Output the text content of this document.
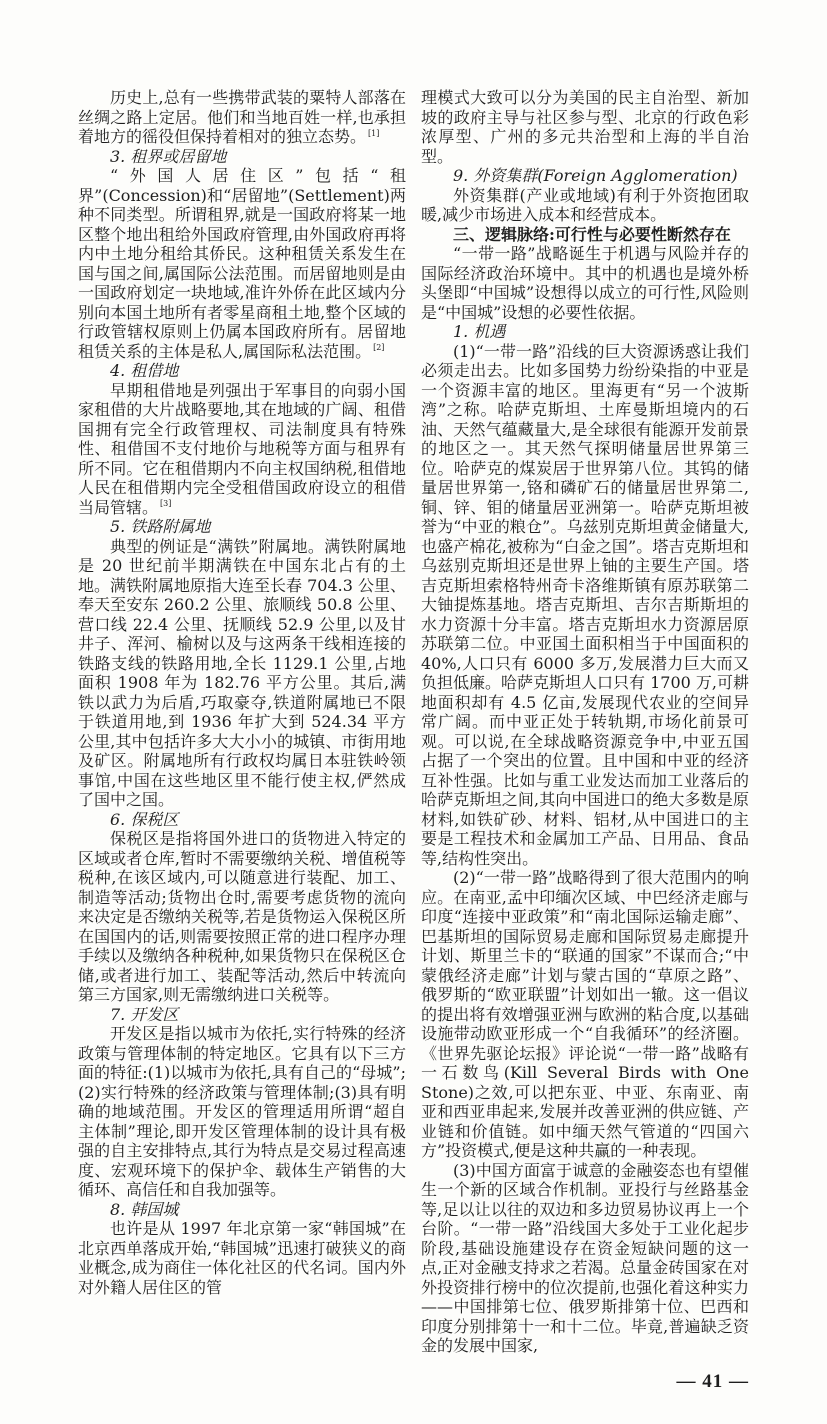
历史上,总有一些携带武装的粟特人部落在丝绸之路上定居。他们和当地百姓一样,也承担着地方的徭役但保持着相对的独立态势。 [1]

3. 租界或居留地

“外国人居住区”包括“租界”(Concession)和“居留地”(Settlement)两种不同类型。所谓租界,就是一国政府将某一地区整个地出租给外国政府管理,由外国政府再将内中土地分租给其侨民。这种租赁关系发生在国与国之间,属国际公法范围。而居留地则是由一国政府划定一块地域,准许外侨在此区域内分别向本国土地所有者零星商租土地,整个区域的行政管辖权原则上仍属本国政府所有。居留地租赁关系的主体是私人,属国际私法范围。 [2]

4. 租借地

早期租借地是列强出于军事目的向弱小国家租借的大片战略要地,其在地域的广阔、租借国拥有完全行政管理权、司法制度具有特殊性、租借国不支付地价与地税等方面与租界有所不同。它在租借期内不向主权国纳税,租借地人民在租借期内完全受租借国政府设立的租借当局管辖。 [3]

5. 铁路附属地

典型的例证是“满铁”附属地。满铁附属地是 20 世纪前半期满铁在中国东北占有的土地。满铁附属地原指大连至长春 704.3 公里、奉天至安东 260.2 公里、旅顺线 50.8 公里、营口线 22.4 公里、抚顺线 52.9 公里,以及甘井子、浑河、榆树以及与这两条干线相连接的铁路支线的铁路用地,全长 1129.1 公里,占地面积 1908 年为 182.76 平方公里。其后,满铁以武力为后盾,巧取豪夺,铁道附属地已不限于铁道用地,到 1936 年扩大到 524.34 平方公里,其中包括许多大大小小的城镇、市街用地及矿区。附属地所有行政权均属日本驻铁岭领事馆,中国在这些地区里不能行使主权,俨然成了国中之国。

6. 保税区

保税区是指将国外进口的货物进入特定的区域或者仓库,暂时不需要缴纳关税、增值税等税种,在该区域内,可以随意进行装配、加工、制造等活动;货物出仓时,需要考虑货物的流向来决定是否缴纳关税等,若是货物运入保税区所在国国内的话,则需要按照正常的进口程序办理手续以及缴纳各种税种,如果货物只在保税区仓储,或者进行加工、装配等活动,然后中转流向第三方国家,则无需缴纳进口关税等。

7. 开发区

开发区是指以城市为依托,实行特殊的经济政策与管理体制的特定地区。它具有以下三方面的特征:(1)以城市为依托,具有自己的“母城”;(2)实行特殊的经济政策与管理体制;(3)具有明确的地域范围。开发区的管理适用所谓“超自主体制”理论,即开发区管理体制的设计具有极强的自主安排特点,其行为特点是交易过程高速度、宏观环境下的保护伞、载体生产销售的大循环、高信任和自我加强等。

8. 韩国城

也许是从 1997 年北京第一家“韩国城”在北京西单落成开始,“韩国城”迅速打破狭义的商业概念,成为商住一体化社区的代名词。国内外对外籍人居住区的管

理模式大致可以分为美国的民主自治型、新加坡的政府主导与社区参与型、北京的行政色彩浓厚型、广州的多元共治型和上海的半自治型。

9. 外资集群(Foreign Agglomeration)

外资集群(产业或地域)有利于外资抱团取暖,减少市场进入成本和经营成本。

三、逻辑脉络:可行性与必要性断然存在

“一带一路”战略诞生于机遇与风险并存的国际经济政治环境中。其中的机遇也是境外桥头堡即“中国城”设想得以成立的可行性,风险则是“中国城”设想的必要性依据。

1. 机遇

(1)“一带一路”沿线的巨大资源诱惑让我们必须走出去。比如多国势力纷纷染指的中亚是一个资源丰富的地区。里海更有“另一个波斯湾”之称。哈萨克斯坦、土库曼斯坦境内的石油、天然气蕴藏量大,是全球很有能源开发前景的地区之一。其天然气探明储量居世界第三位。哈萨克的煤炭居于世界第八位。其钨的储量居世界第一,铬和磷矿石的储量居世界第二,铜、锌、钼的储量居亚洲第一。哈萨克斯坦被誉为“中亚的粮仓”。乌兹别克斯坦黄金储量大,也盛产棉花,被称为“白金之国”。塔吉克斯坦和乌兹别克斯坦还是世界上铀的主要生产国。塔吉克斯坦索格特州奇卡洛维斯镇有原苏联第二大铀提炼基地。塔吉克斯坦、吉尔吉斯斯坦的水力资源十分丰富。塔吉克斯坦水力资源居原苏联第二位。中亚国土面积相当于中国面积的 40%,人口只有 6000 多万,发展潜力巨大而又负担低廉。哈萨克斯坦人口只有 1700 万,可耕地面积却有 4.5 亿亩,发展现代农业的空间异常广阔。而中亚正处于转轨期,市场化前景可观。可以说,在全球战略资源竞争中,中亚五国占据了一个突出的位置。且中国和中亚的经济互补性强。比如与重工业发达而加工业落后的哈萨克斯坦之间,其向中国进口的绝大多数是原材料,如铁矿砂、材料、铝材,从中国进口的主要是工程技术和金属加工产品、日用品、食品等,结构性突出。

(2)“一带一路”战略得到了很大范围内的响应。在南亚,孟中印缅次区域、中巴经济走廊与印度“连接中亚政策”和“南北国际运输走廊”、巴基斯坦的国际贸易走廊和国际贸易走廊提升计划、斯里兰卡的“联通的国家”不谋而合;“中蒙俄经济走廊”计划与蒙古国的“草原之路”、俄罗斯的“欧亚联盟”计划如出一辙。这一倡议的提出将有效增强亚洲与欧洲的粘合度,以基础设施带动欧亚形成一个“自我循环”的经济圈。《世界先驱论坛报》评论说“一带一路”战略有一石数鸟(Kill Several Birds with One Stone)之效,可以把东亚、中亚、东南亚、南亚和西亚串起来,发展并改善亚洲的供应链、产业链和价值链。如中缅天然气管道的“四国六方”投资模式,便是这种共赢的一种表现。

(3)中国方面富于诚意的金融姿态也有望催生一个新的区域合作机制。亚投行与丝路基金等,足以让以往的双边和多边贸易协议再上一个台阶。“一带一路”沿线国大多处于工业化起步阶段,基础设施建设存在资金短缺问题的这一点,正对金融支持求之若渴。总量金砖国家在对外投资排行榜中的位次提前,也强化着这种实力——中国排第七位、俄罗斯排第十位、巴西和印度分别排第十一和十二位。毕竟,普遍缺乏资金的发展中国家,

— 41 —
